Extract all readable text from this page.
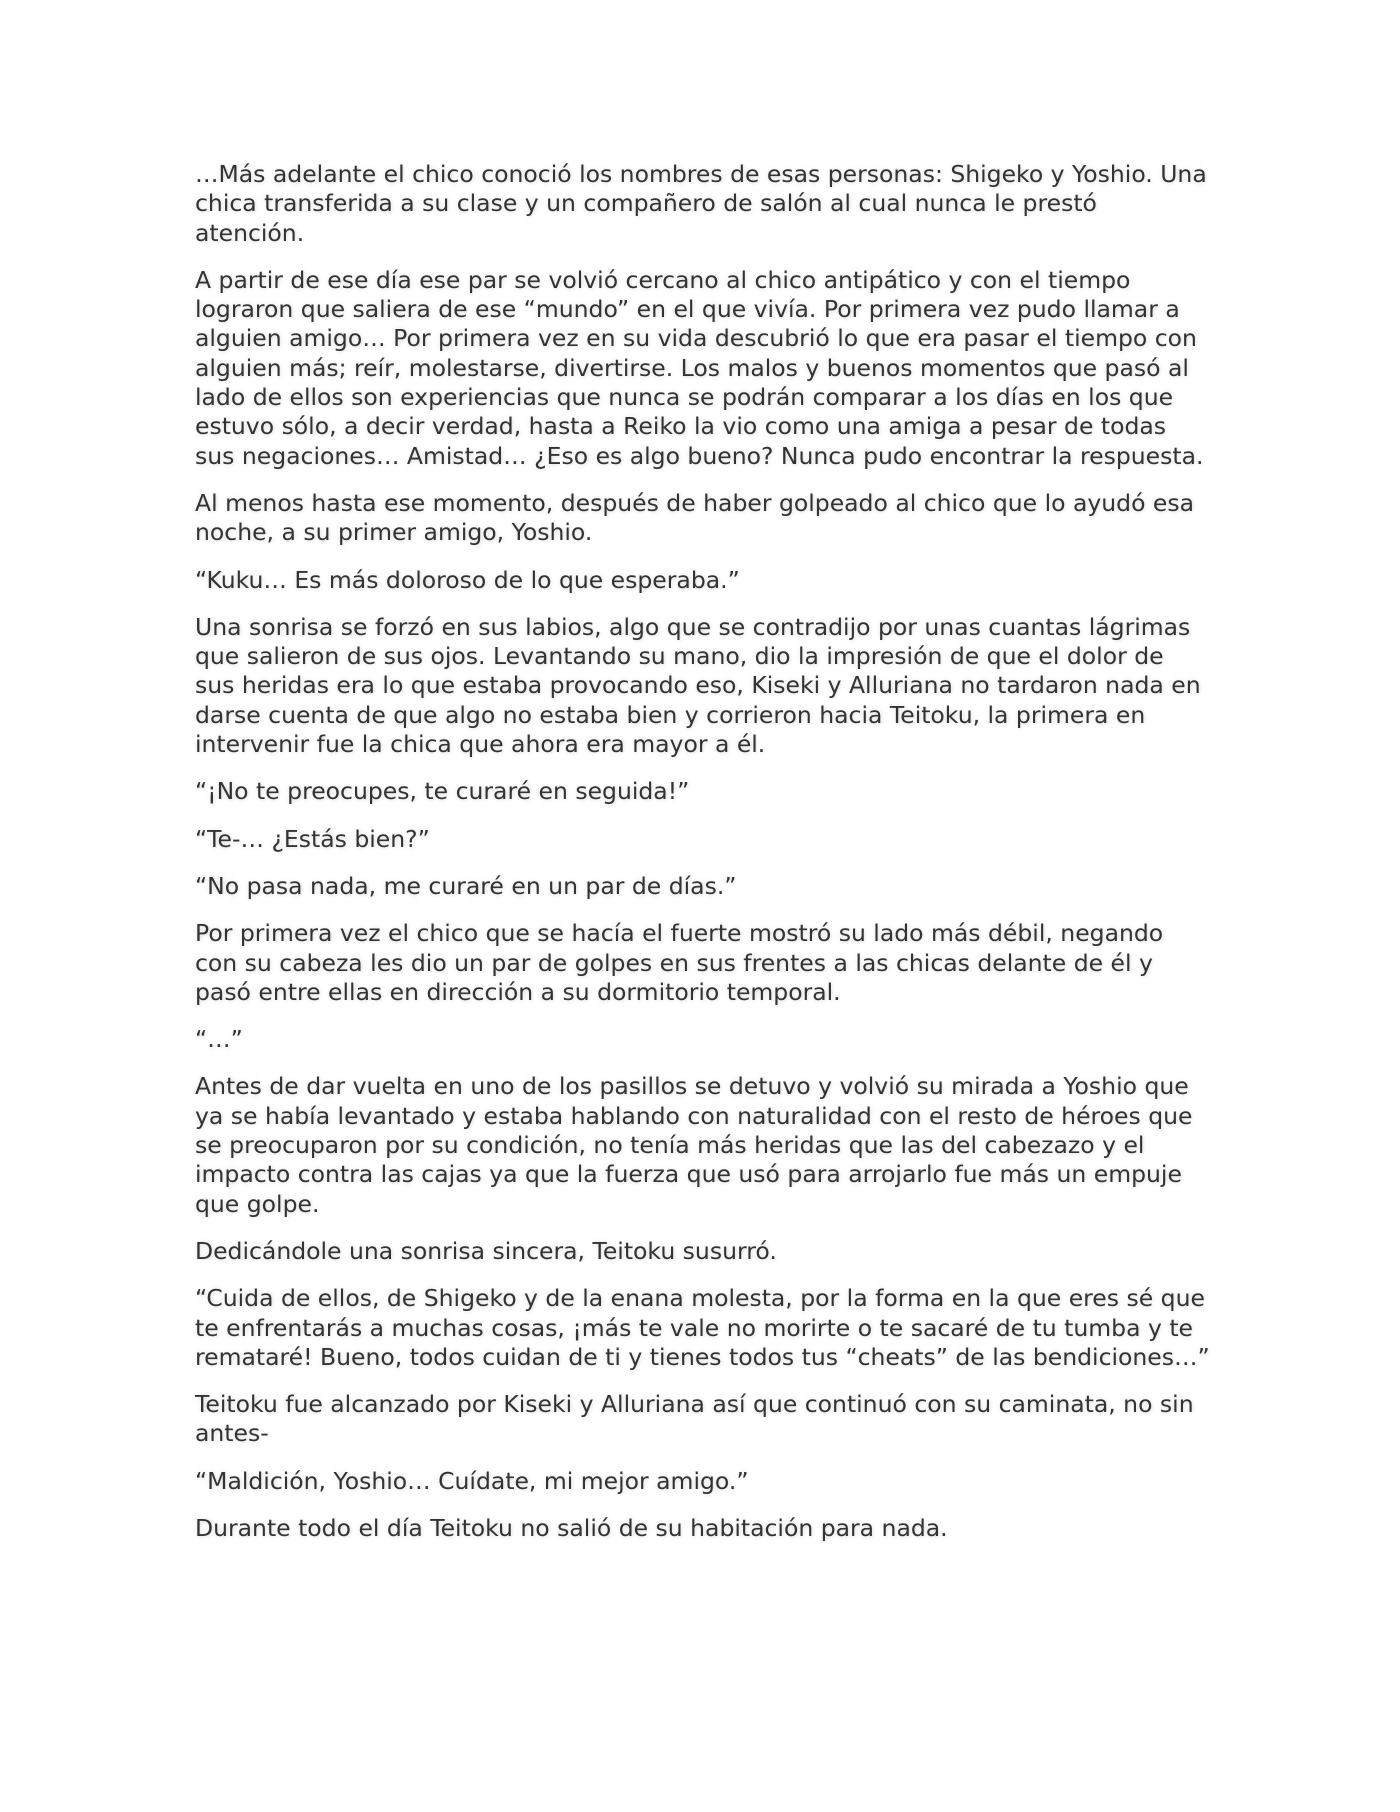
…Más adelante el chico conoció los nombres de esas personas: Shigeko y Yoshio. Una chica transferida a su clase y un compañero de salón al cual nunca le prestó atención.

A partir de ese día ese par se volvió cercano al chico antipático y con el tiempo lograron que saliera de ese “mundo” en el que vivía. Por primera vez pudo llamar a alguien amigo… Por primera vez en su vida descubrió lo que era pasar el tiempo con alguien más; reír, molestarse, divertirse. Los malos y buenos momentos que pasó al lado de ellos son experiencias que nunca se podrán comparar a los días en los que estuvo sólo, a decir verdad, hasta a Reiko la vio como una amiga a pesar de todas sus negaciones… Amistad… ¿Eso es algo bueno? Nunca pudo encontrar la respuesta.

Al menos hasta ese momento, después de haber golpeado al chico que lo ayudó esa noche, a su primer amigo, Yoshio.

“Kuku… Es más doloroso de lo que esperaba.”

Una sonrisa se forzó en sus labios, algo que se contradijo por unas cuantas lágrimas que salieron de sus ojos. Levantando su mano, dio la impresión de que el dolor de sus heridas era lo que estaba provocando eso, Kiseki y Alluriana no tardaron nada en darse cuenta de que algo no estaba bien y corrieron hacia Teitoku, la primera en intervenir fue la chica que ahora era mayor a él.

“¡No te preocupes, te curaré en seguida!”

“Te-… ¿Estás bien?”

“No pasa nada, me curaré en un par de días.”

Por primera vez el chico que se hacía el fuerte mostró su lado más débil, negando con su cabeza les dio un par de golpes en sus frentes a las chicas delante de él y pasó entre ellas en dirección a su dormitorio temporal.

“…”

Antes de dar vuelta en uno de los pasillos se detuvo y volvió su mirada a Yoshio que ya se había levantado y estaba hablando con naturalidad con el resto de héroes que se preocuparon por su condición, no tenía más heridas que las del cabezazo y el impacto contra las cajas ya que la fuerza que usó para arrojarlo fue más un empuje que golpe.

Dedicándole una sonrisa sincera, Teitoku susurró.

“Cuida de ellos, de Shigeko y de la enana molesta, por la forma en la que eres sé que te enfrentarás a muchas cosas, ¡más te vale no morirte o te sacaré de tu tumba y te remataré! Bueno, todos cuidan de ti y tienes todos tus “cheats” de las bendiciones…”

Teitoku fue alcanzado por Kiseki y Alluriana así que continuó con su caminata, no sin antes-

“Maldición, Yoshio… Cuídate, mi mejor amigo.”

Durante todo el día Teitoku no salió de su habitación para nada.
